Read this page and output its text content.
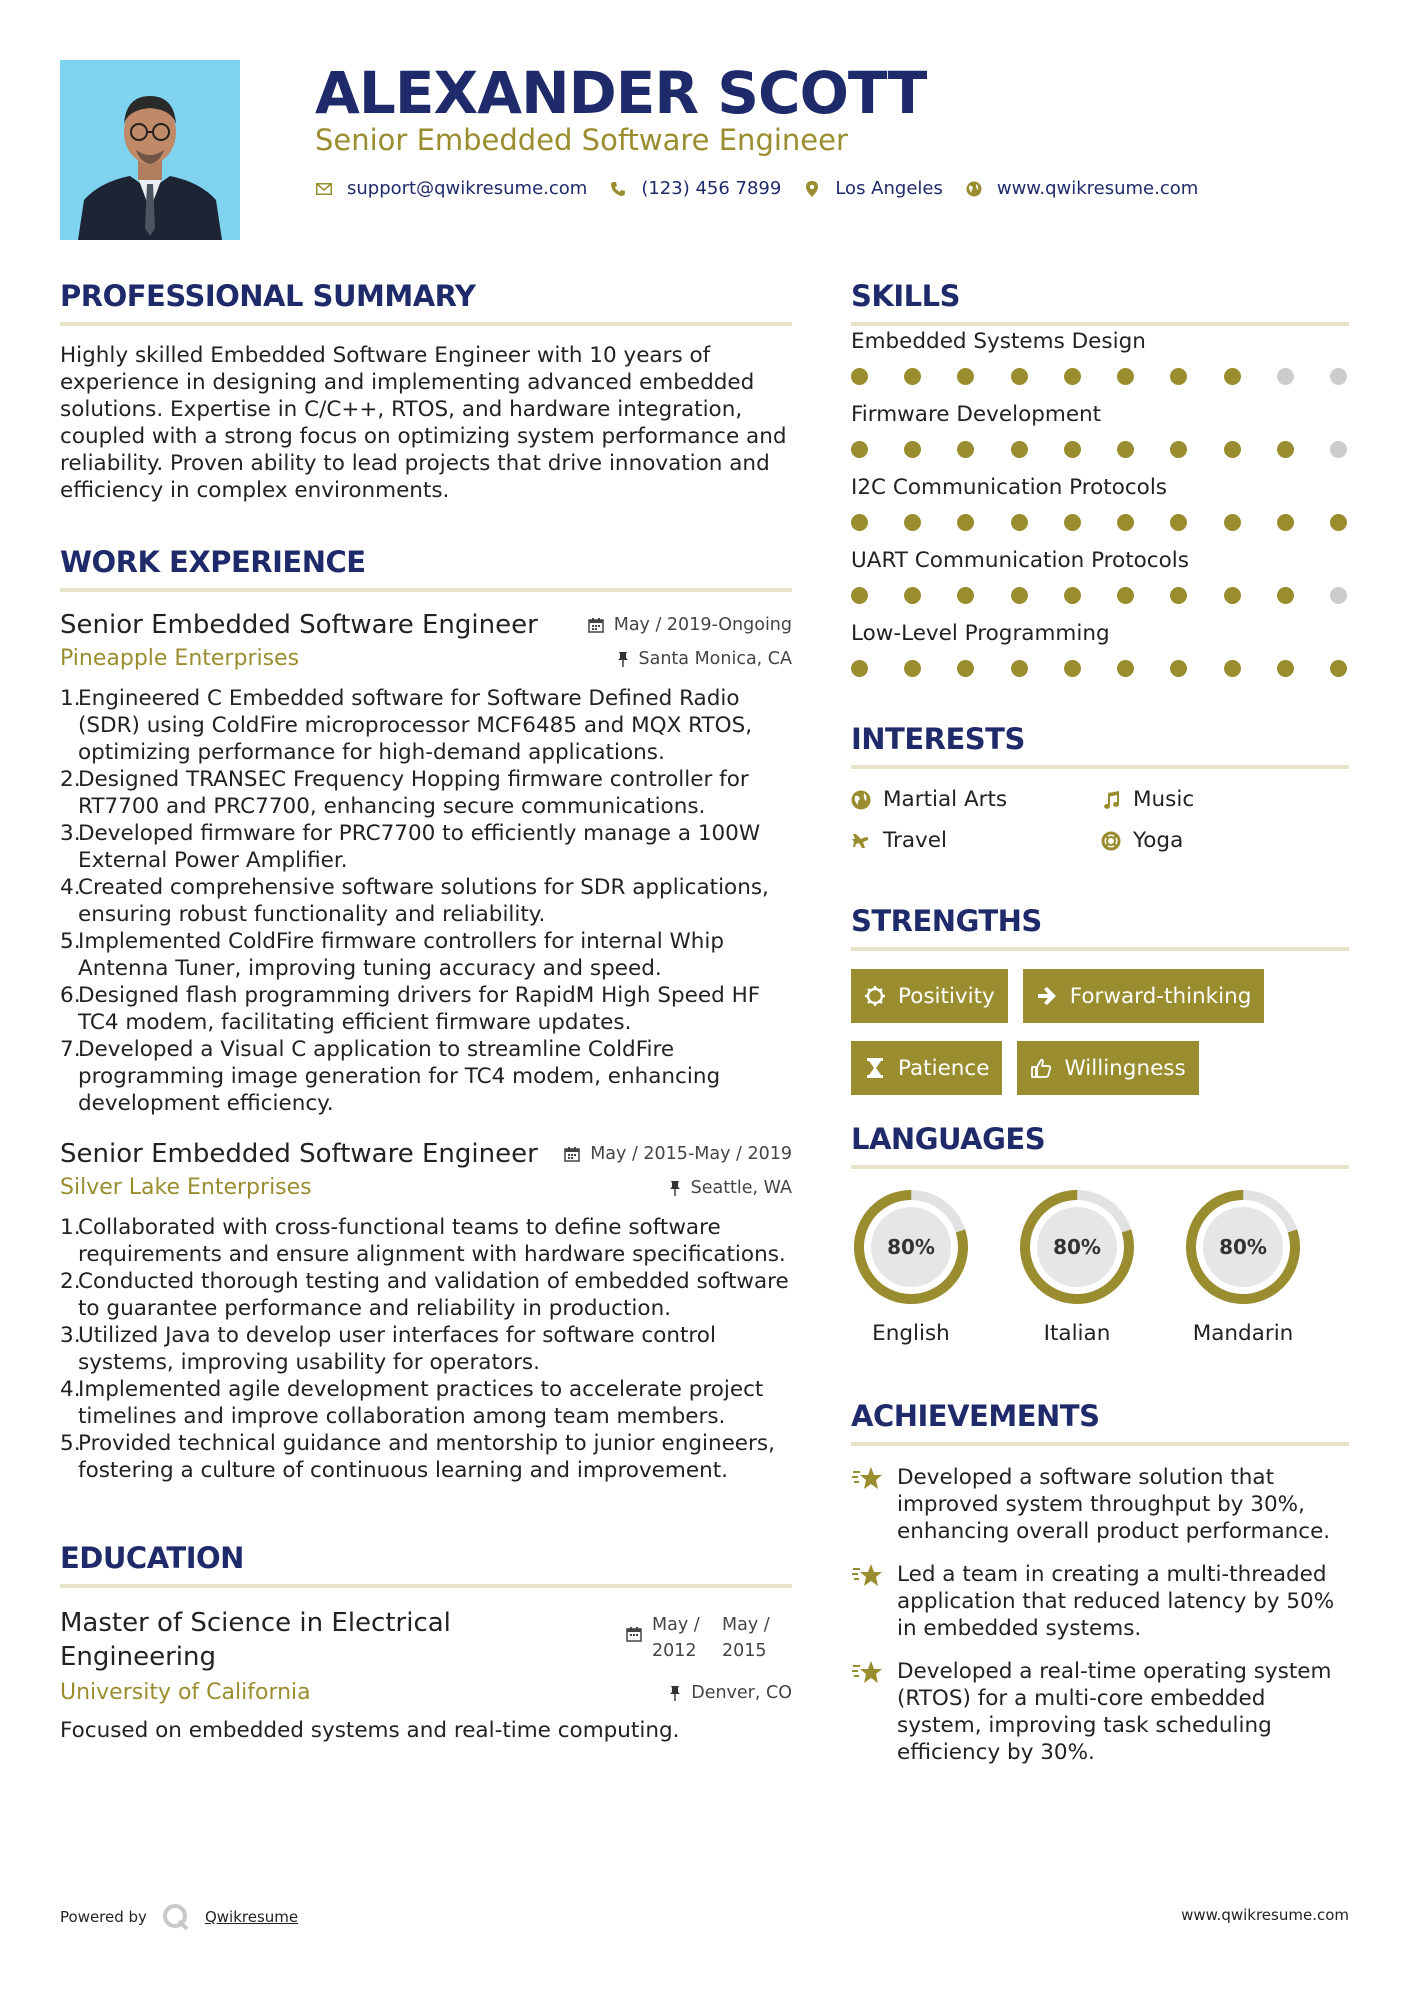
ALEXANDER SCOTT
Senior Embedded Software Engineer
support@qwikresume.com	(123) 456 7899	Los Angeles	www.qwikresume.com
PROFESSIONAL SUMMARY
Highly skilled Embedded Software Engineer with 10 years of experience in designing and implementing advanced embedded solutions. Expertise in C/C++, RTOS, and hardware integration, coupled with a strong focus on optimizing system performance and reliability. Proven ability to lead projects that drive innovation and efficiency in complex environments.
WORK EXPERIENCE
Senior Embedded Software Engineer	May / 2019-Ongoing
Pineapple Enterprises	Santa Monica, CA
Engineered C Embedded software for Software Defined Radio (SDR) using ColdFire microprocessor MCF6485 and MQX RTOS, optimizing performance for high-demand applications.
Designed TRANSEC Frequency Hopping firmware controller for RT7700 and PRC7700, enhancing secure communications.
Developed firmware for PRC7700 to efficiently manage a 100W External Power Amplifier.
Created comprehensive software solutions for SDR applications, ensuring robust functionality and reliability.
Implemented ColdFire firmware controllers for internal Whip Antenna Tuner, improving tuning accuracy and speed.
Designed flash programming drivers for RapidM High Speed HF TC4 modem, facilitating efficient firmware updates.
Developed a Visual C application to streamline ColdFire programming image generation for TC4 modem, enhancing development efficiency.
Senior Embedded Software Engineer	May / 2015-May / 2019
Silver Lake Enterprises	Seattle, WA
Collaborated with cross-functional teams to define software requirements and ensure alignment with hardware specifications.
Conducted thorough testing and validation of embedded software to guarantee performance and reliability in production.
Utilized Java to develop user interfaces for software control systems, improving usability for operators.
Implemented agile development practices to accelerate project timelines and improve collaboration among team members.
Provided technical guidance and mentorship to junior engineers, fostering a culture of continuous learning and improvement.
EDUCATION
Master of Science in Electrical Engineering
May / 2012
May / 2015
University of California	Denver, CO
Focused on embedded systems and real-time computing.
SKILLS
Embedded Systems Design
Firmware Development
I2C Communication Protocols
UART Communication Protocols
Low-Level Programming
INTERESTS
Martial Arts	Music
Travel	Yoga
STRENGTHS
Positivity	Forward-thinking
Patience	Willingness
LANGUAGES
80%
English
80%
Italian
80%
Mandarin
ACHIEVEMENTS
Developed a software solution that improved system throughput by 30%, enhancing overall product performance.
Led a team in creating a multi-threaded application that reduced latency by 50% in embedded systems.
Developed a real-time operating system (RTOS) for a multi-core embedded system, improving task scheduling efficiency by 30%.
Powered by	Qwikresume	www.qwikresume.com
